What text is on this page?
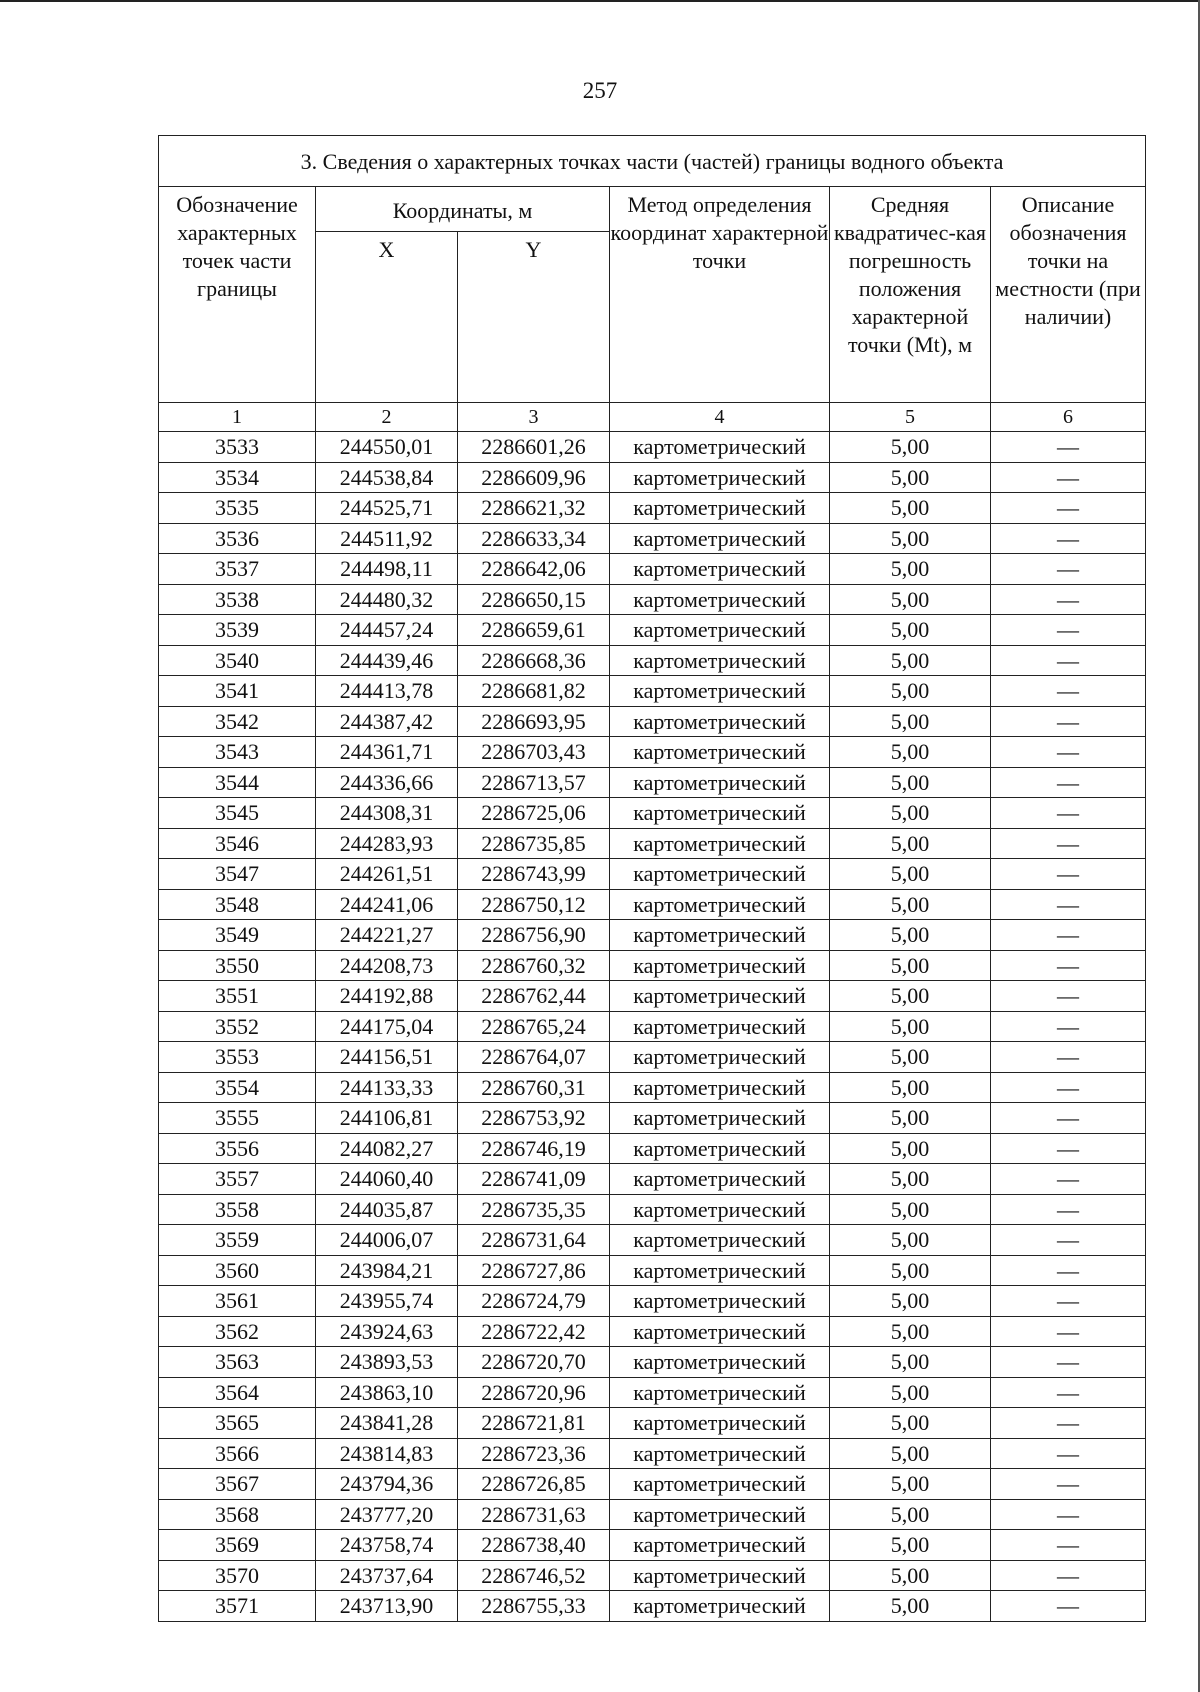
257
3. Сведения о характерных точках части (частей) границы водного объекта					
Обозначение характерных точек части границы	Координаты, м		Метод определения координат характерной точки	Средняя квадратичес-кая погрешность положения характерной точки (Mt), м	Описание обозначения точки на местности (при наличии)
	X	Y			
1	2	3	4	5	6
3533	244550,01	2286601,26	картометрический	5,00	—
3534	244538,84	2286609,96	картометрический	5,00	—
3535	244525,71	2286621,32	картометрический	5,00	—
3536	244511,92	2286633,34	картометрический	5,00	—
3537	244498,11	2286642,06	картометрический	5,00	—
3538	244480,32	2286650,15	картометрический	5,00	—
3539	244457,24	2286659,61	картометрический	5,00	—
3540	244439,46	2286668,36	картометрический	5,00	—
3541	244413,78	2286681,82	картометрический	5,00	—
3542	244387,42	2286693,95	картометрический	5,00	—
3543	244361,71	2286703,43	картометрический	5,00	—
3544	244336,66	2286713,57	картометрический	5,00	—
3545	244308,31	2286725,06	картометрический	5,00	—
3546	244283,93	2286735,85	картометрический	5,00	—
3547	244261,51	2286743,99	картометрический	5,00	—
3548	244241,06	2286750,12	картометрический	5,00	—
3549	244221,27	2286756,90	картометрический	5,00	—
3550	244208,73	2286760,32	картометрический	5,00	—
3551	244192,88	2286762,44	картометрический	5,00	—
3552	244175,04	2286765,24	картометрический	5,00	—
3553	244156,51	2286764,07	картометрический	5,00	—
3554	244133,33	2286760,31	картометрический	5,00	—
3555	244106,81	2286753,92	картометрический	5,00	—
3556	244082,27	2286746,19	картометрический	5,00	—
3557	244060,40	2286741,09	картометрический	5,00	—
3558	244035,87	2286735,35	картометрический	5,00	—
3559	244006,07	2286731,64	картометрический	5,00	—
3560	243984,21	2286727,86	картометрический	5,00	—
3561	243955,74	2286724,79	картометрический	5,00	—
3562	243924,63	2286722,42	картометрический	5,00	—
3563	243893,53	2286720,70	картометрический	5,00	—
3564	243863,10	2286720,96	картометрический	5,00	—
3565	243841,28	2286721,81	картометрический	5,00	—
3566	243814,83	2286723,36	картометрический	5,00	—
3567	243794,36	2286726,85	картометрический	5,00	—
3568	243777,20	2286731,63	картометрический	5,00	—
3569	243758,74	2286738,40	картометрический	5,00	—
3570	243737,64	2286746,52	картометрический	5,00	—
3571	243713,90	2286755,33	картометрический	5,00	—
